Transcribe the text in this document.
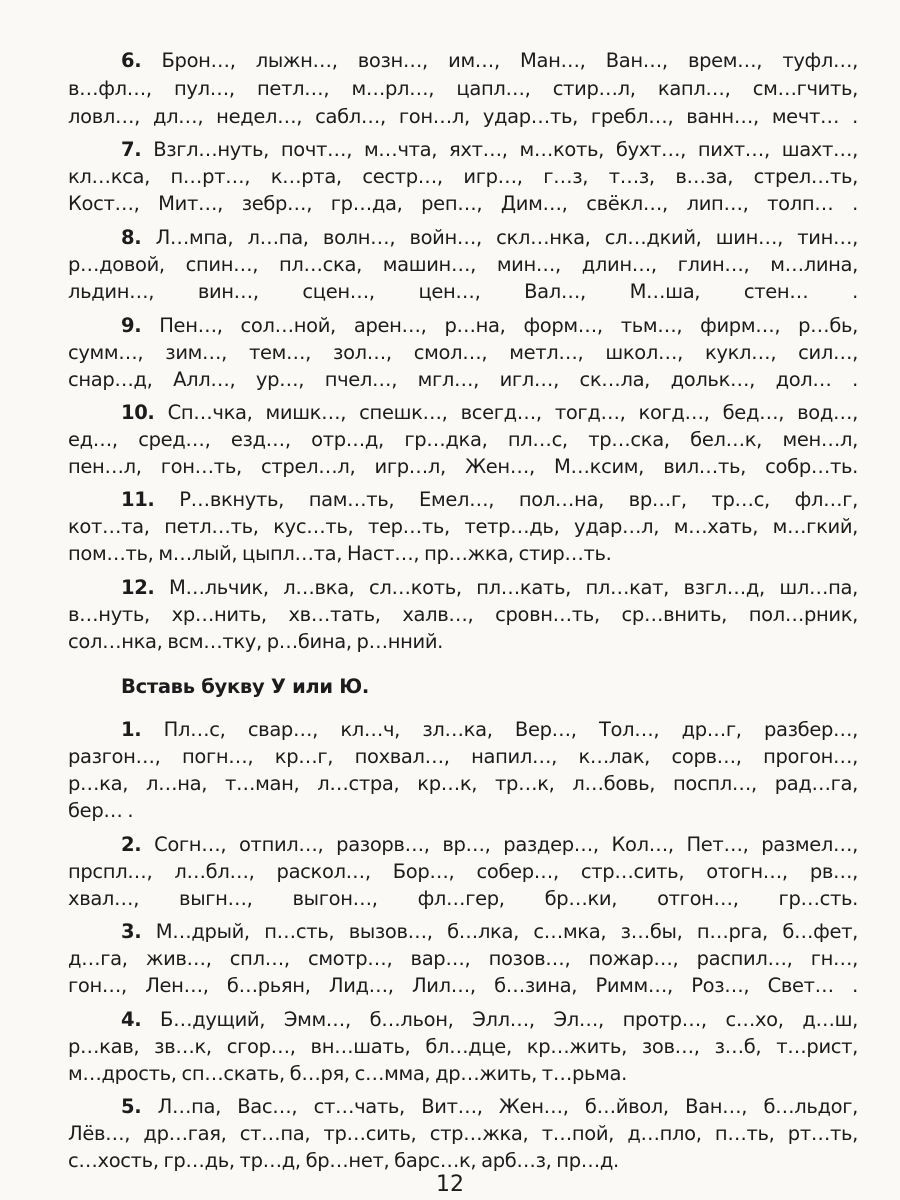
6. Брон…, лыжн…, возн…, им…, Ман…, Ван…, врем…, туфл…,
в…фл…, пул…, петл…, м…рл…, цапл…, стир…л, капл…, см…гчить,
ловл…, дл…, недел…, сабл…, гон…л, удар…ть, гребл…, ванн…, мечт… .
7. Взгл…нуть, почт…, м…чта, яхт…, м…коть, бухт…, пихт…, шахт…,
кл…кса, п…рт…, к…рта, сестр…, игр…, г…з, т…з, в…за, стрел…ть,
Кост…, Мит…, зебр…, гр…да, реп…, Дим…, свёкл…, лип…, толп… .
8. Л…мпа, л…па, волн…, войн…, скл…нка, сл…дкий, шин…, тин…,
р…довой, спин…, пл…ска, машин…, мин…, длин…, глин…, м…лина,
льдин…, вин…, сцен…, цен…, Вал…, М…ша, стен… .
9. Пен…, сол…ной, арен…, р…на, форм…, тьм…, фирм…, р…бь,
сумм…, зим…, тем…, зол…, смол…, метл…, школ…, кукл…, сил…,
снар…д, Алл…, ур…, пчел…, мгл…, игл…, ск…ла, дольк…, дол… .
10. Сп…чка, мишк…, спешк…, всегд…, тогд…, когд…, бед…, вод…,
ед…, сред…, езд…, отр…д, гр…дка, пл…с, тр…ска, бел…к, мен…л,
пен…л, гон…ть, стрел…л, игр…л, Жен…, М…ксим, вил…ть, собр…ть.
11. Р…вкнуть, пам…ть, Емел…, пол…на, вр…г, тр…с, фл…г,
кот…та, петл…ть, кус…ть, тер…ть, тетр…дь, удар…л, м…хать, м…гкий,
пом…ть, м…лый, цыпл…та, Наст…, пр…жка, стир…ть.
12. М…льчик, л…вка, сл…коть, пл…кать, пл…кат, взгл…д, шл…па,
в…нуть, хр…нить, хв…тать, халв…, сровн…ть, ср…внить, пол…рник,
сол…нка, всм…тку, р…бина, р…нний.
Вставь букву У или Ю.
1. Пл…с, свар…, кл…ч, зл…ка, Вер…, Тол…, др…г, разбер…,
разгон…, погн…, кр…г, похвал…, напил…, к…лак, сорв…, прогон…,
р…ка, л…на, т…ман, л…стра, кр…к, тр…к, л…бовь, поспл…, рад…га,
бер… .
2. Согн…, отпил…, разорв…, вр…, раздер…, Кол…, Пет…, размел…,
прспл…, л…бл…, раскол…, Бор…, собер…, стр…сить, отогн…, рв…,
хвал…, выгн…, выгон…, фл…гер, бр…ки, отгон…, гр…сть.
3. М…дрый, п…сть, вызов…, б…лка, с…мка, з…бы, п…рга, б…фет,
д…га, жив…, спл…, смотр…, вар…, позов…, пожар…, распил…, гн…,
гон…, Лен…, б…рьян, Лид…, Лил…, б…зина, Римм…, Роз…, Свет… .
4. Б…дущий, Эмм…, б…льон, Элл…, Эл…, протр…, с…хо, д…ш,
р…кав, зв…к, сгор…, вн…шать, бл…дце, кр…жить, зов…, з…б, т…рист,
м…дрость, сп…скать, б…ря, с…мма, др…жить, т…рьма.
5. Л…па, Вас…, ст…чать, Вит…, Жен…, б…йвол, Ван…, б…льдог,
Лёв…, др…гая, ст…па, тр…сить, стр…жка, т…пой, д…пло, п…ть, рт…ть,
с…хость, гр…дь, тр…д, бр…нет, барс…к, арб…з, пр…д.
12
